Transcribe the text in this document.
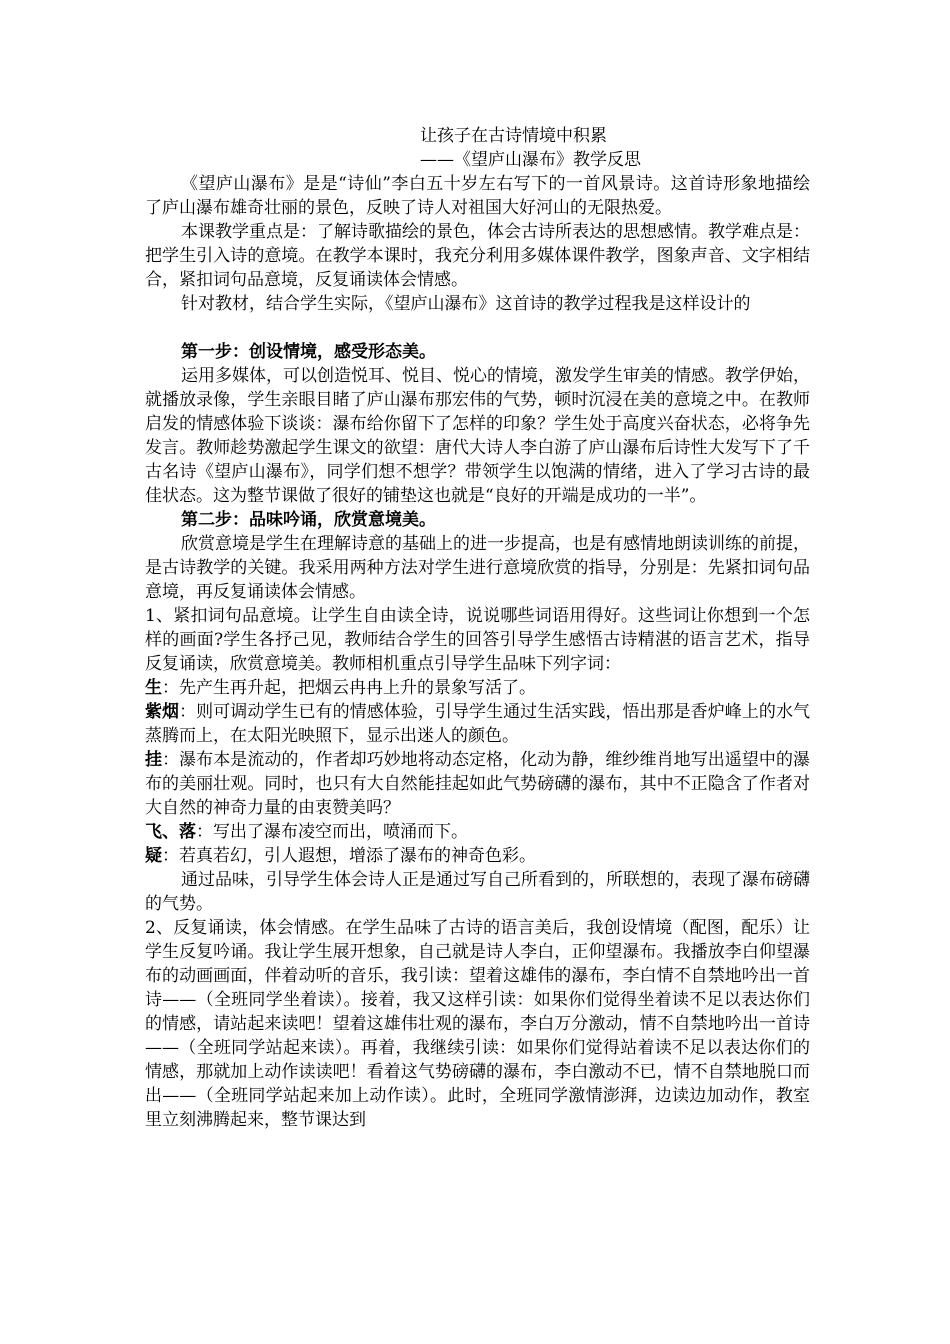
让孩子在古诗情境中积累
——《望庐山瀑布》教学反思

《望庐山瀑布》是是“诗仙”李白五十岁左右写下的一首风景诗。这首诗形象地描绘了庐山瀑布雄奇壮丽的景色，反映了诗人对祖国大好河山的无限热爱。

本课教学重点是：了解诗歌描绘的景色，体会古诗所表达的思想感情。教学难点是：把学生引入诗的意境。在教学本课时，我充分利用多媒体课件教学，图象声音、文字相结合，紧扣词句品意境，反复诵读体会情感。

针对教材，结合学生实际，《望庐山瀑布》这首诗的教学过程我是这样设计的

第一步：创设情境，感受形态美。

运用多媒体，可以创造悦耳、悦目、悦心的情境，激发学生审美的情感。教学伊始，就播放录像，学生亲眼目睹了庐山瀑布那宏伟的气势，顿时沉浸在美的意境之中。在教师启发的情感体验下谈谈：瀑布给你留下了怎样的印象？学生处于高度兴奋状态，必将争先发言。教师趁势激起学生课文的欲望：唐代大诗人李白游了庐山瀑布后诗性大发写下了千古名诗《望庐山瀑布》，同学们想不想学？带领学生以饱满的情绪，进入了学习古诗的最佳状态。这为整节课做了很好的铺垫这也就是“良好的开端是成功的一半”。

第二步：品味吟诵，欣赏意境美。

欣赏意境是学生在理解诗意的基础上的进一步提高，也是有感情地朗读训练的前提，是古诗教学的关键。我采用两种方法对学生进行意境欣赏的指导，分别是：先紧扣词句品意境，再反复诵读体会情感。

1、紧扣词句品意境。让学生自由读全诗，说说哪些词语用得好。这些词让你想到一个怎样的画面?学生各抒己见，教师结合学生的回答引导学生感悟古诗精湛的语言艺术，指导反复诵读，欣赏意境美。教师相机重点引导学生品味下列字词：

生：先产生再升起，把烟云冉冉上升的景象写活了。

紫烟：则可调动学生已有的情感体验，引导学生通过生活实践，悟出那是香炉峰上的水气蒸腾而上，在太阳光映照下，显示出迷人的颜色。

挂：瀑布本是流动的，作者却巧妙地将动态定格，化动为静，维纱维肖地写出遥望中的瀑布的美丽壮观。同时，也只有大自然能挂起如此气势磅礴的瀑布，其中不正隐含了作者对大自然的神奇力量的由衷赞美吗？

飞、落：写出了瀑布凌空而出，喷涌而下。

疑：若真若幻，引人遐想，增添了瀑布的神奇色彩。

通过品味，引导学生体会诗人正是通过写自己所看到的，所联想的，表现了瀑布磅礴的气势。

2、反复诵读，体会情感。在学生品味了古诗的语言美后，我创设情境（配图，配乐）让学生反复吟诵。我让学生展开想象，自己就是诗人李白，正仰望瀑布。我播放李白仰望瀑布的动画画面，伴着动听的音乐，我引读：望着这雄伟的瀑布，李白情不自禁地吟出一首诗——（全班同学坐着读）。接着，我又这样引读：如果你们觉得坐着读不足以表达你们的情感，请站起来读吧！望着这雄伟壮观的瀑布，李白万分激动，情不自禁地吟出一首诗——（全班同学站起来读）。再着，我继续引读：如果你们觉得站着读不足以表达你们的情感，那就加上动作读读吧！看着这气势磅礴的瀑布，李白激动不已，情不自禁地脱口而出——（全班同学站起来加上动作读）。此时，全班同学激情澎湃，边读边加动作，教室里立刻沸腾起来，整节课达到
